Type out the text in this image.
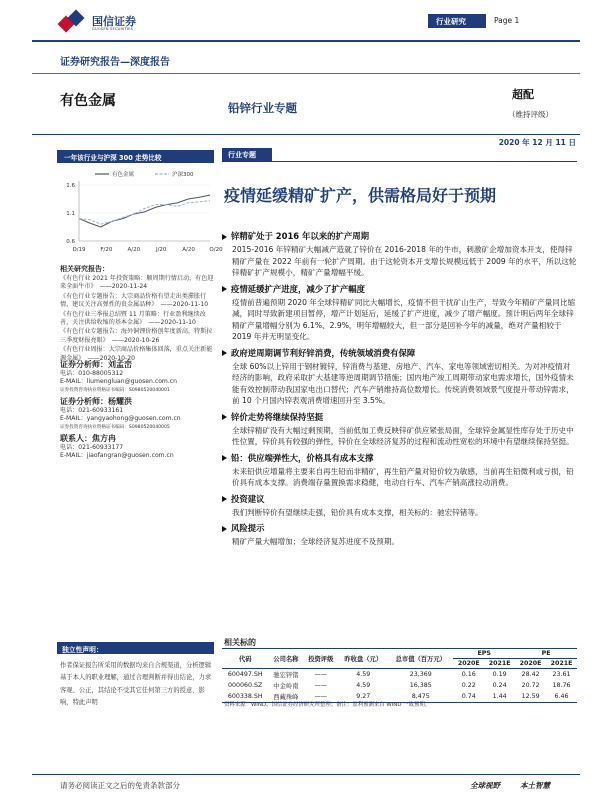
国信证券
GUOSEN SECURITIES
行业研究	Page 1
证券研究报告—深度报告
有色金属	铅锌行业专题
超配
（维持评级）
2020 年 12 月 11 日
一年该行业与沪深 300 走势比较
有色金属	沪深300
1.6
1.1
0.6
D/19	F/20	A/20	J/20	A/20	O/20
相关研究报告：
《有色行业 2021 年投资策略：顺周期行情启动，有色迎来全面牛市》 ——2020-11-24
《有色行业专题报告：大宗商品价格有望走出类滞胀行情，建议关注高弹性的贵金属品种》 ——2020-11-10
《有色行业三季报总结暨 11 月策略：行业盈利继续改善，关注供给收缩的基本金属》 ——2020-11-10
《有色行业专题报告：海外铜锂价格创年度新高，特斯拉三季度财报亮眼》 ——2020-10-26
《有色行业周报：大宗商品价格集体回落，重点关注新能源金属》 ——2020-10-20
证券分析师：刘孟峦
电话：010-88005312
E-MAIL：liumengluan@guosen.com.cn
证券投资咨询执业资格证书编码：S0980520040001
证券分析师：杨耀洪
电话：021-60933161
E-MAIL：yangyaohong@guosen.com.cn
证券投资咨询执业资格证书编码：S0980520040005
联系人：焦方冉
电话：021-60933177
E-MAIL：jiaofangran@guosen.com.cn
独立性声明：
作者保证报告所采用的数据均来自合规渠道，分析逻辑基于本人的职业理解，通过合理判断并得出结论，力求客观、公正，其结论不受其它任何第三方的授意、影响，特此声明
行业专题
疫情延缓精矿扩产，供需格局好于预期
锌精矿处于 2016 年以来的扩产周期
2015-2016 年锌精矿大幅减产造就了锌价在 2016-2018 年的牛市，刺激矿企增加资本开支，使得锌精矿产量在 2022 年前有一轮扩产周期。由于这轮资本开支增长规模远低于 2009 年的水平，所以这轮锌精矿扩产规模小，精矿产量增幅平缓。
疫情延缓扩产进度，减少了扩产幅度
疫情前普遍预期 2020 年全球锌精矿同比大幅增长，疫情不但干扰矿山生产，导致今年精矿产量同比缩减，同时导致新建项目暂停，增产计划延后，延缓了扩产进度，减少了增产幅度。预计明后两年全球锌精矿产量增幅分别为 6.1%、2.9%，明年增幅较大，但一部分是回补今年的减量，绝对产量相较于 2019 年并无明显变化。
政府逆周期调节利好锌消费，传统领域消费有保障
全球 60%以上锌用于钢材镀锌，锌消费与基建、房地产、汽车、家电等领域密切相关。为对冲疫情对经济的影响，政府采取扩大基建等逆周期调节措施；国内地产竣工周期带动家电需求增长，国外疫情未能有效控制带动我国家电出口替代；汽车产销维持高位数增长。传统消费领域景气度提升带动锌需求，前 10 个月国内锌表观消费增速回升至 3.5%。
锌价走势将继续保持坚挺
全球锌精矿没有大幅过剩预期，当前低加工费反映锌矿供应紧张局面，全球锌金属显性库存处于历史中性位置，锌价具有较强的弹性，锌价在全球经济复苏的过程和流动性宽松的环境中有望继续保持坚挺。
铅：供应端弹性大，价格具有成本支撑
未来铅供应增量将主要来自再生铅而非精矿，再生铅产量对铅价较为敏感，当前再生铅微利或亏损，铅价具有成本支撑。消费端存量置换需求稳健，电动自行车、汽车产销高涨拉动消费。
投资建议
我们判断锌价有望继续走强，铅价具有成本支撑，相关标的：驰宏锌锗等。
风险提示
精矿产量大幅增加；全球经济复苏进度不及预期。
相关标的
代码	公司名称	投资评级	昨收盘（元）	总市值（百万元）	EPS		PE	
					2020E	2021E	2020E	2021E
600497.SH	驰宏锌锗	——	4.59	23,369	0.16	0.19	28.42	23.61
000060.SZ	中金岭南	——	4.59	16,385	0.22	0.24	20.72	18.76
600338.SH	西藏珠峰	——	9.27	8,475	0.74	1.44	12.59	6.46
资料来源：WIND、国信证券经济研究所整理；备注：盈利预测来自 WIND 一致预期。
请务必阅读正文之后的免责条款部分	全球视野	本土智慧
